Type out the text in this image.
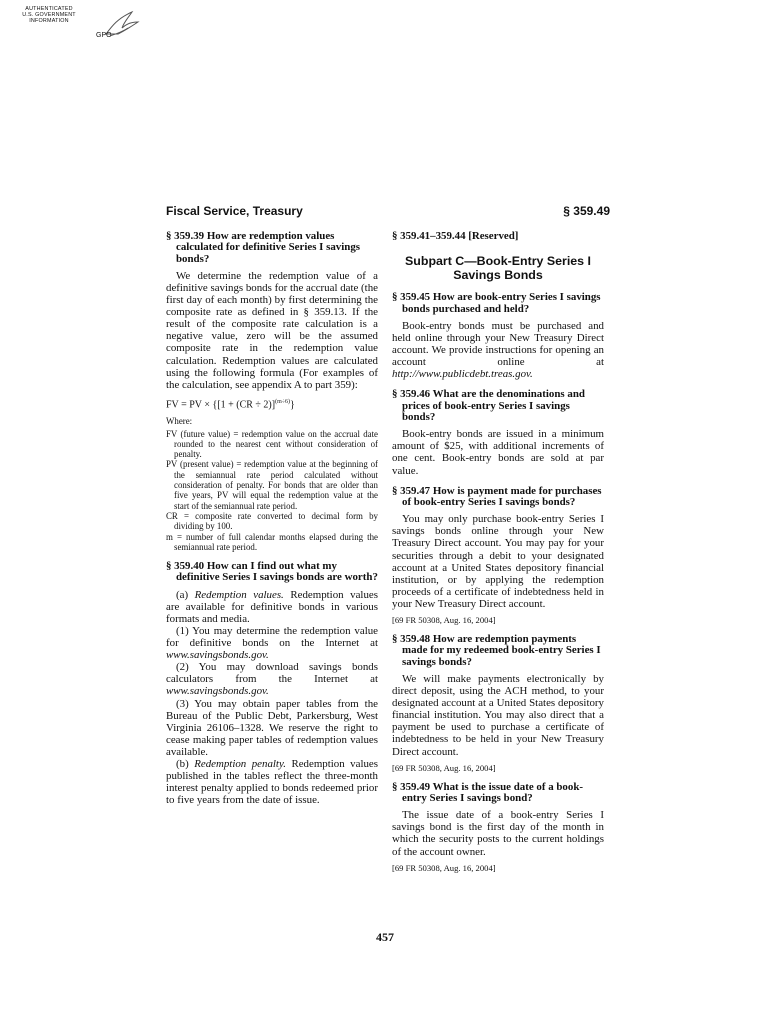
AUTHENTICATED
U.S. GOVERNMENT
INFORMATION
GPO
Fiscal Service, Treasury	§ 359.49

§ 359.39 How are redemption values calculated for definitive Series I savings bonds?

We determine the redemption value of a definitive savings bonds for the accrual date (the first day of each month) by first determining the composite rate as defined in § 359.13. If the result of the composite rate calculation is a negative value, zero will be the assumed composite rate in the redemption value calculation. Redemption values are calculated using the following formula (For examples of the calculation, see appendix A to part 359):

FV = PV × $\{[1 + (CR \div 2)]^{(m\div 6)}\}$

Where:

FV (future value) = redemption value on the accrual date rounded to the nearest cent without consideration of penalty.

PV (present value) = redemption value at the beginning of the semiannual rate period calculated without consideration of penalty. For bonds that are older than five years, PV will equal the redemption value at the start of the semiannual rate period.

CR = composite rate converted to decimal form by dividing by 100.

m = number of full calendar months elapsed during the semiannual rate period.

§ 359.40 How can I find out what my definitive Series I savings bonds are worth?

(a) Redemption values. Redemption values are available for definitive bonds in various formats and media.

(1) You may determine the redemption value for definitive bonds on the Internet at www.savingsbonds.gov.

(2) You may download savings bonds calculators from the Internet at www.savingsbonds.gov.

(3) You may obtain paper tables from the Bureau of the Public Debt, Parkersburg, West Virginia 26106–1328. We reserve the right to cease making paper tables of redemption values available.

(b) Redemption penalty. Redemption values published in the tables reflect the three-month interest penalty applied to bonds redeemed prior to five years from the date of issue.

§ 359.41–359.44 [Reserved]

Subpart C—Book-Entry Series I Savings Bonds

§ 359.45 How are book-entry Series I savings bonds purchased and held?

Book-entry bonds must be purchased and held online through your New Treasury Direct account. We provide instructions for opening an account online at http://www.publicdebt.treas.gov.

§ 359.46 What are the denominations and prices of book-entry Series I savings bonds?

Book-entry bonds are issued in a minimum amount of $25, with additional increments of one cent. Book-entry bonds are sold at par value.

§ 359.47 How is payment made for purchases of book-entry Series I savings bonds?

You may only purchase book-entry Series I savings bonds online through your New Treasury Direct account. You may pay for your securities through a debit to your designated account at a United States depository financial institution, or by applying the redemption proceeds of a certificate of indebtedness held in your New Treasury Direct account.

[69 FR 50308, Aug. 16, 2004]

§ 359.48 How are redemption payments made for my redeemed book-entry Series I savings bonds?

We will make payments electronically by direct deposit, using the ACH method, to your designated account at a United States depository financial institution. You may also direct that a payment be used to purchase a certificate of indebtedness to be held in your New Treasury Direct account.

[69 FR 50308, Aug. 16, 2004]

§ 359.49 What is the issue date of a book-entry Series I savings bond?

The issue date of a book-entry Series I savings bond is the first day of the month in which the security posts to the current holdings of the account owner.

[69 FR 50308, Aug. 16, 2004]

457
